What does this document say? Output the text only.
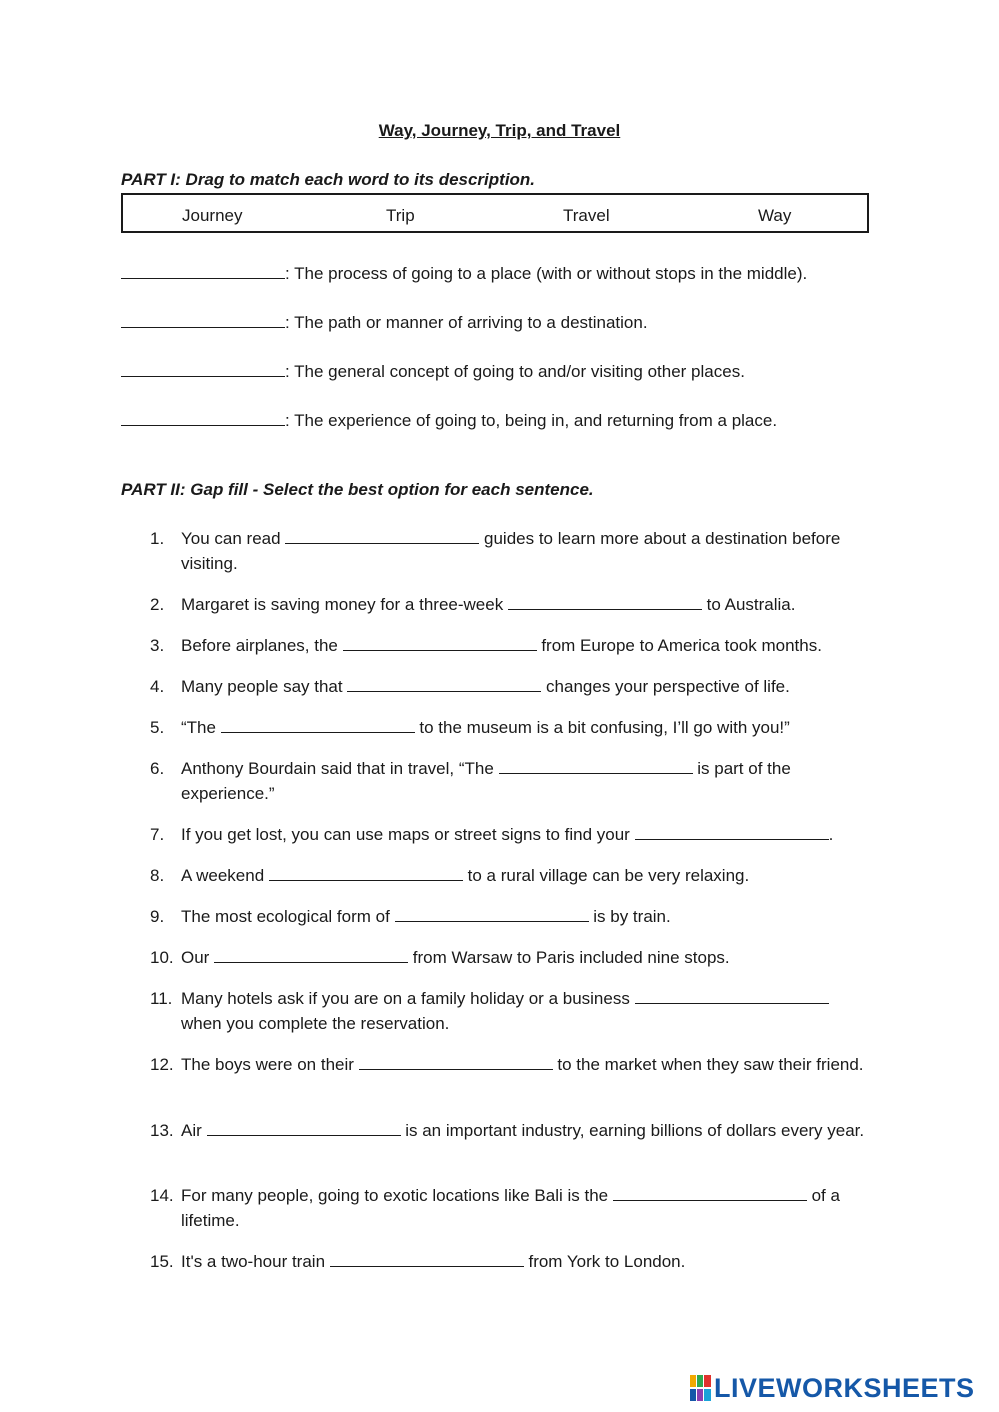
Way, Journey, Trip, and Travel
PART I: Drag to match each word to its description.
Journey	Trip	Travel	Way
: The process of going to a place (with or without stops in the middle).
: The path or manner of arriving to a destination.
: The general concept of going to and/or visiting other places.
: The experience of going to, being in, and returning from a place.
PART II: Gap fill - Select the best option for each sentence.
1. You can read	guides to learn more about a destination before visiting.
2. Margaret is saving money for a three-week	to Australia.
3. Before airplanes, the	from Europe to America took months.
4. Many people say that	changes your perspective of life.
5. “The	to the museum is a bit confusing, I’ll go with you!”
6. Anthony Bourdain said that in travel, “The	is part of the experience.”
7. If you get lost, you can use maps or street signs to find your	.
8. A weekend	to a rural village can be very relaxing.
9. The most ecological form of	is by train.
10. Our	from Warsaw to Paris included nine stops.
11. Many hotels ask if you are on a family holiday or a business  when you complete the reservation.
12. The boys were on their	to the market when they saw their friend.
13. Air	is an important industry, earning billions of dollars every year.
14. For many people, going to exotic locations like Bali is the	of a lifetime.
15. It's a two-hour train	from York to London.
LIVEWORKSHEETS
